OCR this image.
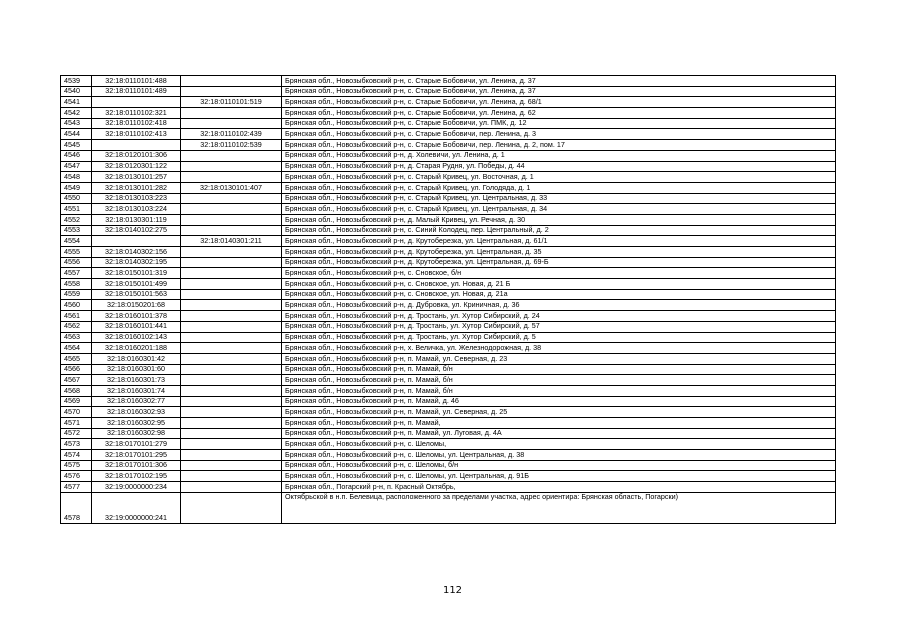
4539	32:18:0110101:488		Брянская обл., Новозыбковский р-н, с. Старые Бобовичи, ул. Ленина, д. 37
4540	32:18:0110101:489		Брянская обл., Новозыбковский р-н, с. Старые Бобовичи, ул. Ленина, д. 37
4541		32:18:0110101:519	Брянская обл., Новозыбковский р-н, с. Старые Бобовичи, ул. Ленина, д. 68/1
4542	32:18:0110102:321		Брянская обл., Новозыбковский р-н, с. Старые Бобовичи, ул. Ленина, д. 62
4543	32:18:0110102:418		Брянская обл., Новозыбковский р-н, с. Старые Бобовичи, ул. ПМК, д. 12
4544	32:18:0110102:413	32:18:0110102:439	Брянская обл., Новозыбковский р-н, с. Старые Бобовичи, пер. Ленина, д. 3
4545		32:18:0110102:539	Брянская обл., Новозыбковский р-н, с. Старые Бобовичи, пер. Ленина, д. 2, пом. 17
4546	32:18:0120101:306		Брянская обл., Новозыбковский р-н, д. Холевичи, ул. Ленина, д. 1
4547	32:18:0120301:122		Брянская обл., Новозыбковский р-н, д. Старая Рудня, ул. Победы, д. 44
4548	32:18:0130101:257		Брянская обл., Новозыбковский р-н, с. Старый Кривец, ул. Восточная, д. 1
4549	32:18:0130101:282	32:18:0130101:407	Брянская обл., Новозыбковский р-н, с. Старый Кривец, ул. Голодяда, д. 1
4550	32:18:0130103:223		Брянская обл., Новозыбковский р-н, с. Старый Кривец, ул. Центральная, д. 33
4551	32:18:0130103:224		Брянская обл., Новозыбковский р-н, с. Старый Кривец, ул. Центральная, д. 34
4552	32:18:0130301:119		Брянская обл., Новозыбковский р-н, д. Малый Кривец, ул. Речная, д. 30
4553	32:18:0140102:275		Брянская обл., Новозыбковский р-н, с. Синий Колодец, пер. Центральный, д. 2
4554		32:18:0140301:211	Брянская обл., Новозыбковский р-н, д. Крутоберезка, ул. Центральная, д. 61/1
4555	32:18:0140302:156		Брянская обл., Новозыбковский р-н, д. Крутоберезка, ул. Центральная, д. 35
4556	32:18:0140302:195		Брянская обл., Новозыбковский р-н, д. Крутоберезка, ул. Центральная, д. 69-Б
4557	32:18:0150101:319		Брянская обл., Новозыбковский р-н, с. Сновское, б/н
4558	32:18:0150101:499		Брянская обл., Новозыбковский р-н, с. Сновское, ул. Новая, д. 21 Б
4559	32:18:0150101:563		Брянская обл., Новозыбковский р-н, с. Сновское, ул. Новая, д. 21а
4560	32:18:0150201:68		Брянская обл., Новозыбковский р-н, д. Дубровка, ул. Криничная, д. 36
4561	32:18:0160101:378		Брянская обл., Новозыбковский р-н, д. Тростань, ул. Хутор Сибирский, д. 24
4562	32:18:0160101:441		Брянская обл., Новозыбковский р-н, д. Тростань, ул. Хутор Сибирский, д. 57
4563	32:18:0160102:143		Брянская обл., Новозыбковский р-н, д. Тростань, ул. Хутор Сибирский, д. 5
4564	32:18:0160201:188		Брянская обл., Новозыбковский р-н, х. Величка, ул. Железнодорожная, д. 38
4565	32:18:0160301:42		Брянская обл., Новозыбковский р-н, п. Мамай, ул. Северная, д. 23
4566	32:18:0160301:60		Брянская обл., Новозыбковский р-н, п. Мамай, б/н
4567	32:18:0160301:73		Брянская обл., Новозыбковский р-н, п. Мамай, б/н
4568	32:18:0160301:74		Брянская обл., Новозыбковский р-н, п. Мамай, б/н
4569	32:18:0160302:77		Брянская обл., Новозыбковский р-н, п. Мамай, д. 46
4570	32:18:0160302:93		Брянская обл., Новозыбковский р-н, п. Мамай, ул. Северная, д. 25
4571	32:18:0160302:95		Брянская обл., Новозыбковский р-н, п. Мамай,
4572	32:18:0160302:98		Брянская обл., Новозыбковский р-н, п. Мамай, ул. Луговая, д. 4А
4573	32:18:0170101:279		Брянская обл., Новозыбковский р-н, с. Шеломы,
4574	32:18:0170101:295		Брянская обл., Новозыбковский р-н, с. Шеломы, ул. Центральная, д. 38
4575	32:18:0170101:306		Брянская обл., Новозыбковский р-н, с. Шеломы, б/н
4576	32:18:0170102:195		Брянская обл., Новозыбковский р-н, с. Шеломы, ул. Центральная, д. 91Б
4577	32:19:0000000:234		Брянская обл., Погарский р-н, п. Красный Октябрь,
4578	32:19:0000000:241		Октябрьской в н.п. Белевица, расположенного за пределами участка, адрес ориентира: Брянская область, Погарски)
112
